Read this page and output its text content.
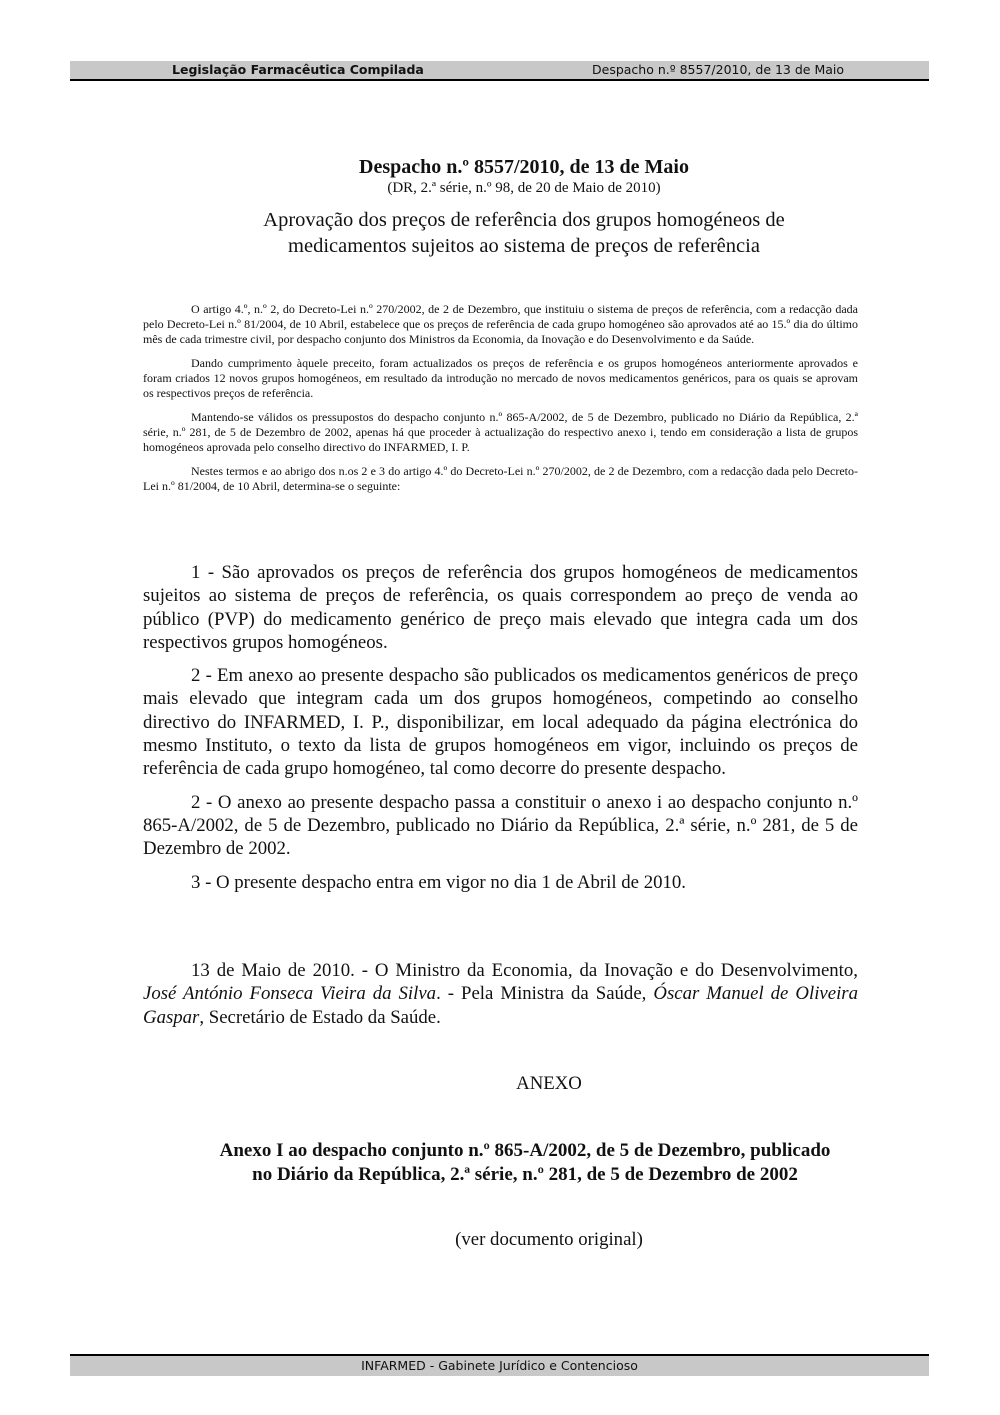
Legislação Farmacêutica Compilada	Despacho n.º 8557/2010, de 13 de Maio
Despacho n.º 8557/2010, de 13 de Maio
(DR, 2.ª série, n.º 98, de 20 de Maio de 2010)
Aprovação dos preços de referência dos grupos homogéneos de
medicamentos sujeitos ao sistema de preços de referência

O artigo 4.º, n.º 2, do Decreto-Lei n.º 270/2002, de 2 de Dezembro, que instituiu o sistema de preços de referência, com a redacção dada pelo Decreto-Lei n.º 81/2004, de 10 Abril, estabelece que os preços de referência de cada grupo homogéneo são aprovados até ao 15.º dia do último mês de cada trimestre civil, por despacho conjunto dos Ministros da Economia, da Inovação e do Desenvolvimento e da Saúde.

Dando cumprimento àquele preceito, foram actualizados os preços de referência e os grupos homogéneos anteriormente aprovados e foram criados 12 novos grupos homogéneos, em resultado da introdução no mercado de novos medicamentos genéricos, para os quais se aprovam os respectivos preços de referência.

Mantendo-se válidos os pressupostos do despacho conjunto n.º 865-A/2002, de 5 de Dezembro, publicado no Diário da República, 2.ª série, n.º 281, de 5 de Dezembro de 2002, apenas há que proceder à actualização do respectivo anexo i, tendo em consideração a lista de grupos homogéneos aprovada pelo conselho directivo do INFARMED, I. P.

Nestes termos e ao abrigo dos n.os 2 e 3 do artigo 4.º do Decreto-Lei n.º 270/2002, de 2 de Dezembro, com a redacção dada pelo Decreto-Lei n.º 81/2004, de 10 Abril, determina-se o seguinte:

1 - São aprovados os preços de referência dos grupos homogéneos de medicamentos sujeitos ao sistema de preços de referência, os quais correspondem ao preço de venda ao público (PVP) do medicamento genérico de preço mais elevado que integra cada um dos respectivos grupos homogéneos.

2 - Em anexo ao presente despacho são publicados os medicamentos genéricos de preço mais elevado que integram cada um dos grupos homogéneos, competindo ao conselho directivo do INFARMED, I. P., disponibilizar, em local adequado da página electrónica do mesmo Instituto, o texto da lista de grupos homogéneos em vigor, incluindo os preços de referência de cada grupo homogéneo, tal como decorre do presente despacho.

2 - O anexo ao presente despacho passa a constituir o anexo i ao despacho conjunto n.º 865-A/2002, de 5 de Dezembro, publicado no Diário da República, 2.ª série, n.º 281, de 5 de Dezembro de 2002.

3 - O presente despacho entra em vigor no dia 1 de Abril de 2010.

13 de Maio de 2010. - O Ministro da Economia, da Inovação e do Desenvolvimento, José António Fonseca Vieira da Silva. - Pela Ministra da Saúde, Óscar Manuel de Oliveira Gaspar, Secretário de Estado da Saúde.

ANEXO
Anexo I ao despacho conjunto n.º 865-A/2002, de 5 de Dezembro, publicado
no Diário da República, 2.ª série, n.º 281, de 5 de Dezembro de 2002
(ver documento original)
INFARMED - Gabinete Jurídico e Contencioso
